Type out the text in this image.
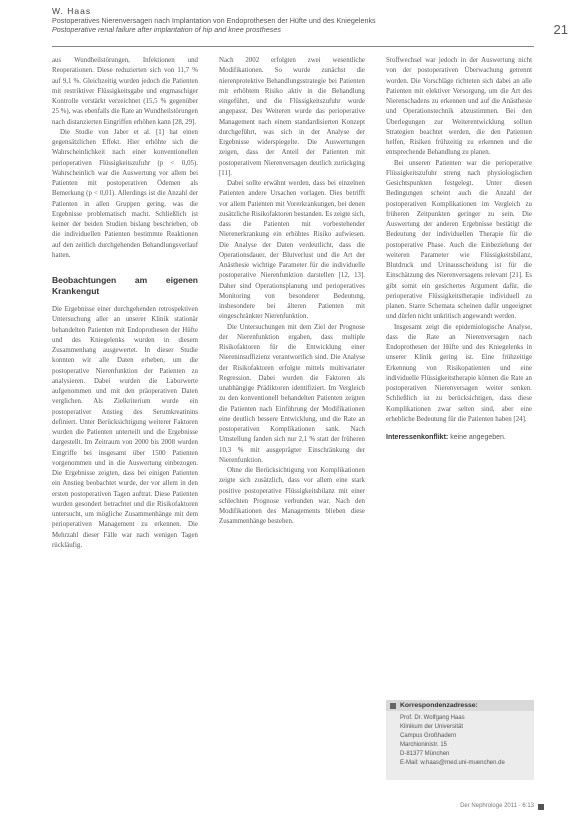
W. Haas

Postoperatives Nierenversagen nach Implantation von Endoprothesen der Hüfte und des Kniegelenks

Postoperative renal failure after implantation of hip and knee prostheses	21

aus Wundheilstörungen, Infektionen und Reoperationen. Diese reduzierten sich von 11,7 % auf 9,1 %. Gleichzeitig wurden jedoch die Patienten mit restriktiver Flüssigkeitsgabe und engmaschiger Kontrolle verstärkt verzeichnet (15,5 % gegenüber 25 %), was ebenfalls die Rate an Wundheilstörungen nach distanzierten Eingriffen erhöhen kann [28, 29].

Die Studie von Jaber et al. [1] hat einen gegensätzlichen Effekt. Hier erhöhte sich die Wahrscheinlichkeit nach einer konventionellen perioperativen Flüssigkeitszufuhr (p < 0,05). Wahrscheinlich war die Auswertung vor allem bei Patienten mit postoperativen Ödemen als Bemerkung (p < 0,01). Allerdings ist die Anzahl der Patienten in allen Gruppen gering, was die Ergebnisse problematisch macht. Schließlich ist keiner der beiden Studien bislang beschrieben, ob die individuellen Patienten bestimmte Reaktionen auf den zeitlich durchgehenden Behandlungsverlauf hatten.

Beobachtungen am eigenen Krankengut

Die Ergebnisse einer durchgehenden retrospektiven Untersuchung aller an unserer Klinik stationär behandelten Patienten mit Endoprothesen der Hüfte und des Kniegelenks wurden in diesem Zusammenhang ausgewertet. In dieser Studie konnten wir alle Daten erheben, um die postoperative Nierenfunktion der Patienten zu analysieren. Dabei wurden die Laborwerte aufgenommen und mit den präoperativen Daten verglichen. Als Zielkriterium wurde ein postoperativer Anstieg des Serumkreatinins definiert. Unter Berücksichtigung weiterer Faktoren wurden die Patienten unterteilt und die Ergebnisse dargestellt. Im Zeitraum von 2000 bis 2008 wurden Eingriffe bei insgesamt über 1500 Patienten vorgenommen und in die Auswertung einbezogen. Die Ergebnisse zeigten, dass bei einigen Patienten ein Anstieg beobachtet wurde, der vor allem in den ersten postoperativen Tagen auftrat. Diese Patienten wurden gesondert betrachtet und die Risikofaktoren untersucht, um mögliche Zusammenhänge mit dem perioperativen Management zu erkennen. Die Mehrzahl dieser Fälle war nach wenigen Tagen rückläufig.

Nach 2002 erfolgten zwei wesentliche Modifikationen. So wurde zunächst die nierenprotektive Behandlungsstrategie bei Patienten mit erhöhtem Risiko aktiv in die Behandlung eingeführt, und die Flüssigkeitszufuhr wurde angepasst. Des Weiteren wurde das perioperative Management nach einem standardisierten Konzept durchgeführt, was sich in der Analyse der Ergebnisse widerspiegelte. Die Auswertungen zeigen, dass der Anteil der Patienten mit postoperativem Nierenversagen deutlich zurückging [11].

Dabei sollte erwähnt werden, dass bei einzelnen Patienten andere Ursachen vorlagen. Dies betrifft vor allem Patienten mit Vorerkrankungen, bei denen zusätzliche Risikofaktoren bestanden. Es zeigte sich, dass die Patienten mit vorbestehender Nierenerkrankung ein erhöhtes Risiko aufwiesen. Die Analyse der Daten verdeutlicht, dass die Operationsdauer, der Blutverlust und die Art der Anästhesie wichtige Parameter für die individuelle postoperative Nierenfunktion darstellen [12, 13]. Daher sind Operationsplanung und perioperatives Monitoring von besonderer Bedeutung, insbesondere bei älteren Patienten mit eingeschränkter Nierenfunktion.

Die Untersuchungen mit dem Ziel der Prognose der Nierenfunktion ergaben, dass multiple Risikofaktoren für die Entwicklung einer Niereninsuffizienz verantwortlich sind. Die Analyse der Risikofaktoren erfolgte mittels multivariater Regression. Dabei wurden die Faktoren als unabhängige Prädiktoren identifiziert. Im Vergleich zu den konventionell behandelten Patienten zeigten die Patienten nach Einführung der Modifikationen eine deutlich bessere Entwicklung, und die Rate an postoperativen Komplikationen sank. Nach Umstellung fanden sich nur 2,1 % statt der früheren 10,3 % mit ausgeprägter Einschränkung der Nierenfunktion.

Ohne die Berücksichtigung von Komplikationen zeigte sich zusätzlich, dass vor allem eine stark positive postoperative Flüssigkeitsbilanz mit einer schlechten Prognose verbunden war. Nach den Modifikationen des Managements blieben diese Zusammenhänge bestehen.

Stoffwechsel war jedoch in der Auswertung nicht von der postoperativen Überwachung getrennt worden. Die Vorschläge richteten sich dabei an alle Patienten mit elektiver Versorgung, um die Art des Nierenschadens zu erkennen und auf die Anästhesie und Operationstechnik abzustimmen. Bei den Überlegungen zur Weiterentwicklung sollten Strategien beachtet werden, die den Patienten helfen, Risiken frühzeitig zu erkennen und die entsprechende Behandlung zu planen.

Bei unseren Patienten war die perioperative Flüssigkeitszufuhr streng nach physiologischen Gesichtspunkten festgelegt. Unter diesen Bedingungen scheint auch die Anzahl der postoperativen Komplikationen im Vergleich zu früheren Zeitpunkten geringer zu sein. Die Auswertung der anderen Ergebnisse bestätigt die Bedeutung der individuellen Therapie für die postoperative Phase. Auch die Einbeziehung der weiteren Parameter wie Flüssigkeitsbilanz, Blutdruck und Urinausscheidung ist für die Einschätzung des Nierenversagens relevant [21]. Es gibt somit ein gesichertes Argument dafür, die perioperative Flüssigkeitstherapie individuell zu planen. Starre Schemata scheinen dafür ungeeignet und dürfen nicht unkritisch angewandt werden.

Insgesamt zeigt die epidemiologische Analyse, dass die Rate an Nierenversagen nach Endoprothesen der Hüfte und des Kniegelenks in unserer Klinik gering ist. Eine frühzeitige Erkennung von Risikopatienten und eine individuelle Flüssigkeitstherapie können die Rate an postoperativen Nierenversagen weiter senken. Schließlich ist zu berücksichtigen, dass diese Komplikationen zwar selten sind, aber eine erhebliche Bedeutung für die Patienten haben [24].

Interessenkonflikt: keine angegeben.
Korrespondenzadresse:
Prof. Dr. Wolfgang Haas
Klinikum der Universität
Campus Großhadern
Marchioninistr. 15
D-81377 München
E-Mail: w.haas@med.uni-muenchen.de
Der Nephrologe 2011 · 6:13
